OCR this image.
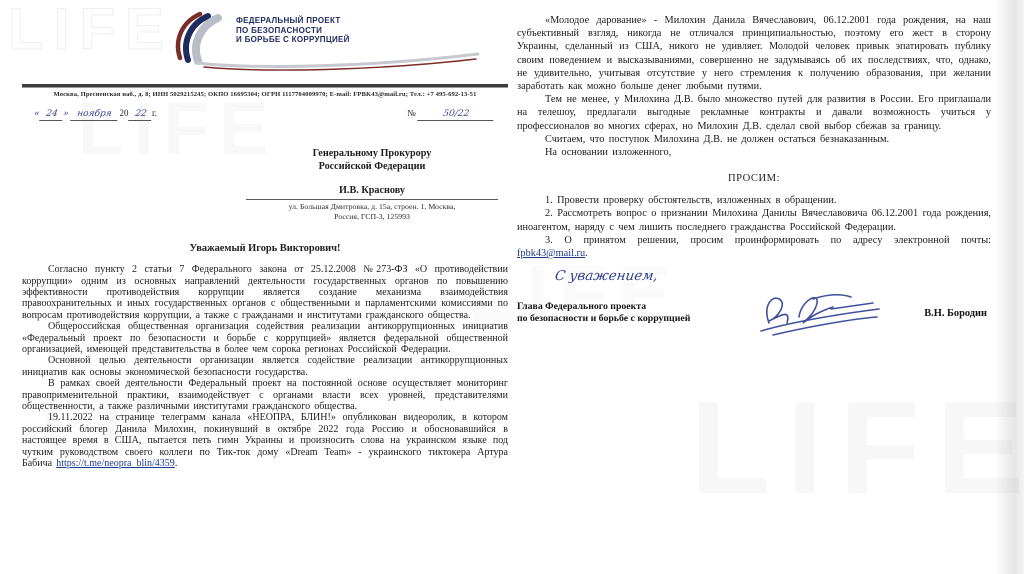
LIFE	ФЕДЕРАЛЬНЫЙ ПРОЕКТ
ПО БЕЗОПАСНОСТИ
И БОРЬБЕ С КОРРУПЦИЕЙ
Москва, Пресненская наб., д. 8; ИНН 5029215245; ОКПО 16695304; ОГРН 1117704009970; E-mail: FPBK43@mail.ru; Тел.: +7 495-692-13-51
« 24 » ноября 20 22 г.	№	50/22
Генеральному Прокурору
Российской Федерации
И.В. Краснову
ул. Большая Дмитровка, д. 15а, строен. 1, Москва,
Россия, ГСП-3, 125993
Уважаемый Игорь Викторович!

Согласно пункту 2 статьи 7 Федерального закона от 25.12.2008 №273-ФЗ «О противодействии коррупции» одним из основных направлений деятельности государственных органов по повышению эффективности противодействия коррупции является создание механизма взаимодействия правоохранительных и иных государственных органов с общественными и парламентскими комиссиями по вопросам противодействия коррупции, а также с гражданами и институтами гражданского общества.

Общероссийская общественная организация содействия реализации антикоррупционных инициатив «Федеральный проект по безопасности и борьбе с коррупцией» является федеральной общественной организацией, имеющей представительства в более чем сорока регионах Российской Федерации.

Основной целью деятельности организации является содействие реализации антикоррупционных инициатив как основы экономической безопасности государства.

В рамках своей деятельности Федеральный проект на постоянной основе осуществляет мониторинг правоприменительной практики, взаимодействует с органами власти всех уровней, представителями общественности, а также различными институтами гражданского общества.

19.11.2022 на странице телеграмм канала «НЕОПРА, БЛИН!» опубликован видеоролик, в котором российский блогер Данила Милохин, покинувший в октябре 2022 года Россию и обосновавшийся в настоящее время в США, пытается петь гимн Украины и произносить слова на украинском языке под чутким руководством своего коллеги по Тик-ток дому «Dream Team» - украинского тиктокера Артура Бабича https://t.me/neopra_blin/4359.

«Молодое дарование» - Милохин Данила Вячеславович, 06.12.2001 года рождения, на наш субъективный взгляд, никогда не отличался принципиальностью, поэтому его жест в сторону Украины, сделанный из США, никого не удивляет. Молодой человек привык эпатировать публику своим поведением и высказываниями, совершенно не задумываясь об их последствиях, что, однако, не удивительно, учитывая отсутствие у него стремления к получению образования, при желании заработать как можно больше денег любыми путями.

Тем не менее, у Милохина Д.В. было множество путей для развития в России. Его приглашали на телешоу, предлагали выгодные рекламные контракты и давали возможность учиться у профессионалов во многих сферах, но Милохин Д.В. сделал свой выбор сбежав за границу.

Считаем, что поступок Милохина Д.В. не должен остаться безнаказанным.

На основании изложенного,

ПРОСИМ:

1. Провести проверку обстоятельств, изложенных в обращении.

2. Рассмотреть вопрос о признании Милохина Данилы Вячеславовича 06.12.2001 года рождения, иноагентом, наряду с чем лишить последнего гражданства Российской Федерации.

3. О принятом решении, просим проинформировать по адресу электронной почты: fpbk43@mail.ru.

С уважением,
Глава Федерального проекта
по безопасности и борьбе с коррупцией	В.Н. Бородин
